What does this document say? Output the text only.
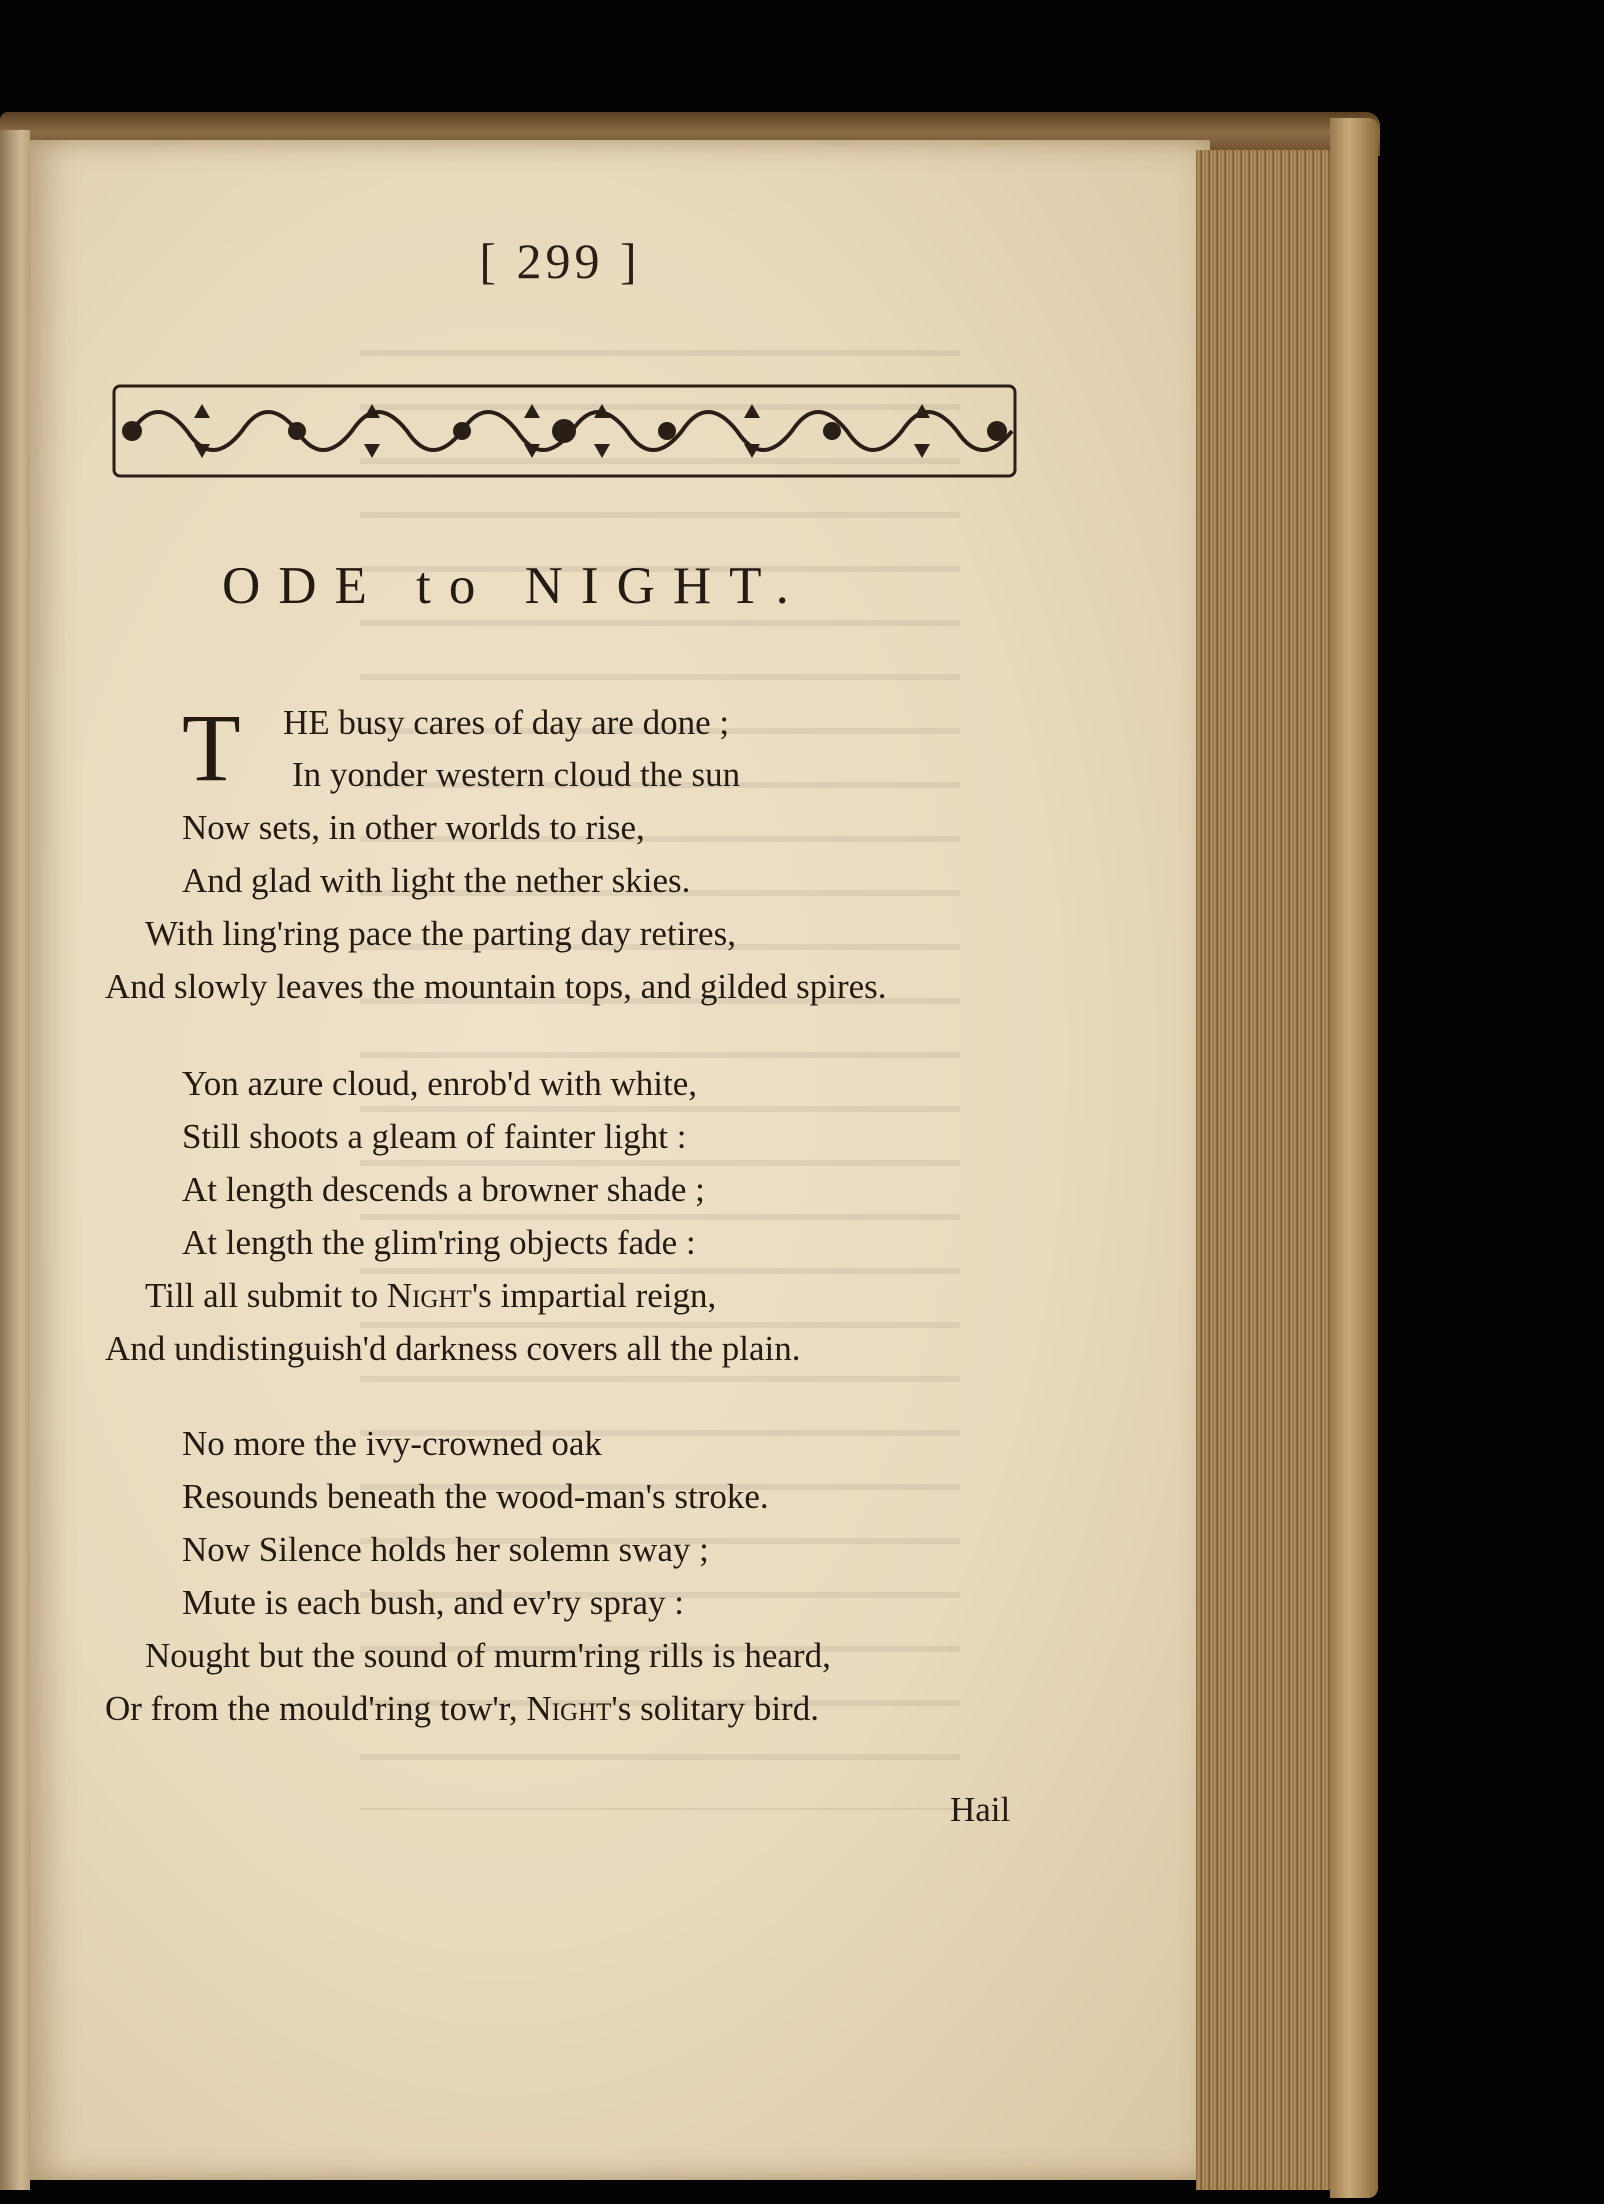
[ 299 ]
ODE to NIGHT.
T HE busy cares of day are done ;
In yonder western cloud the sun
Now sets, in other worlds to rise,
And glad with light the nether skies.
With ling'ring pace the parting day retires,
And slowly leaves the mountain tops, and gilded spires.
Yon azure cloud, enrob'd with white,
Still shoots a gleam of fainter light :
At length descends a browner shade ;
At length the glim'ring objects fade :
Till all submit to Night's impartial reign,
And undistinguish'd darkness covers all the plain.
No more the ivy-crowned oak
Resounds beneath the wood-man's stroke.
Now Silence holds her solemn sway ;
Mute is each bush, and ev'ry spray :
Nought but the sound of murm'ring rills is heard,
Or from the mould'ring tow'r, Night's solitary bird.
Hail
